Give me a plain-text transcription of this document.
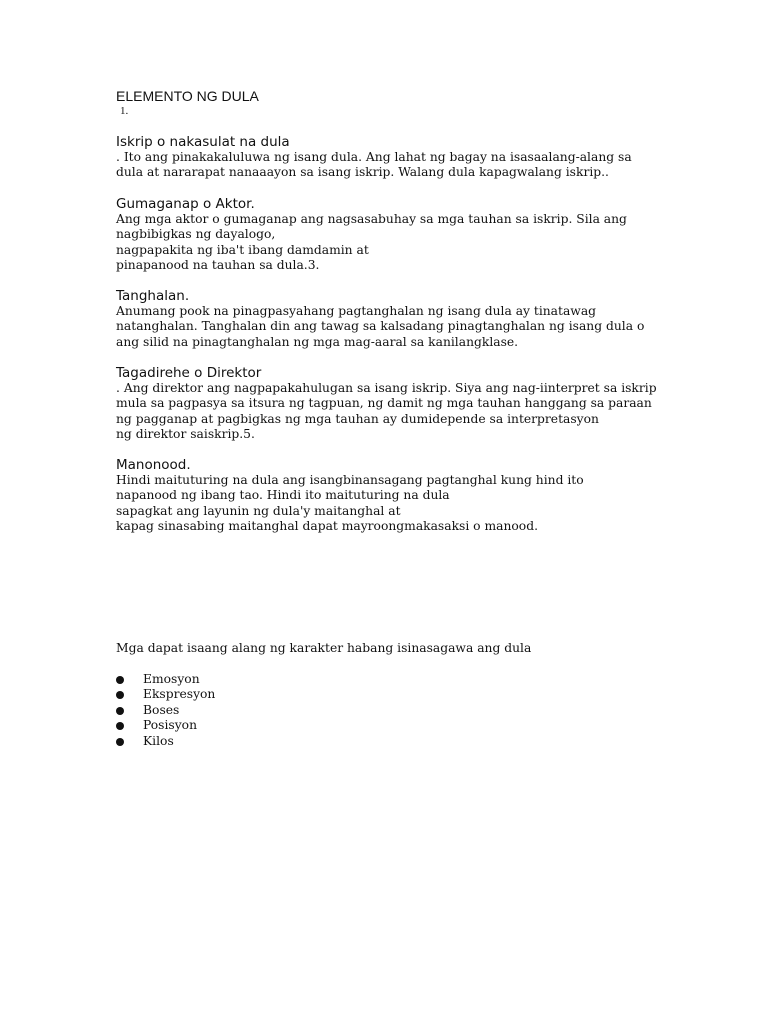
ELEMENTO NG DULA
1.
Iskrip o nakasulat na dula
. Ito ang pinakakaluluwa ng isang dula. Ang lahat ng bagay na isasaalang-alang sa
dula at nararapat nanaaayon sa isang iskrip. Walang dula kapagwalang iskrip..
Gumaganap o Aktor.
Ang mga aktor o gumaganap ang nagsasabuhay sa mga tauhan sa iskrip. Sila ang
nagbibigkas ng dayalogo,
nagpapakita ng iba't ibang damdamin at
pinapanood na tauhan sa dula.3.
Tanghalan.
Anumang pook na pinagpasyahang pagtanghalan ng isang dula ay tinatawag
natanghalan. Tanghalan din ang tawag sa kalsadang pinagtanghalan ng isang dula o
ang silid na pinagtanghalan ng mga mag-aaral sa kanilangklase.
Tagadirehe o Direktor
. Ang direktor ang nagpapakahulugan sa isang iskrip. Siya ang nag-iinterpret sa iskrip
mula sa pagpasya sa itsura ng tagpuan, ng damit ng mga tauhan hanggang sa paraan
ng pagganap at pagbigkas ng mga tauhan ay dumidepende sa interpretasyon
ng direktor saiskrip.5.
Manonood.
Hindi maituturing na dula ang isangbinansagang pagtanghal kung hind ito
napanood ng ibang tao. Hindi ito maituturing na dula
sapagkat ang layunin ng dula'y maitanghal at
kapag sinasabing maitanghal dapat mayroongmakasaksi o manood.
Mga dapat isaang alang ng karakter habang isinasagawa ang dula
Emosyon
Ekspresyon
Boses
Posisyon
Kilos
